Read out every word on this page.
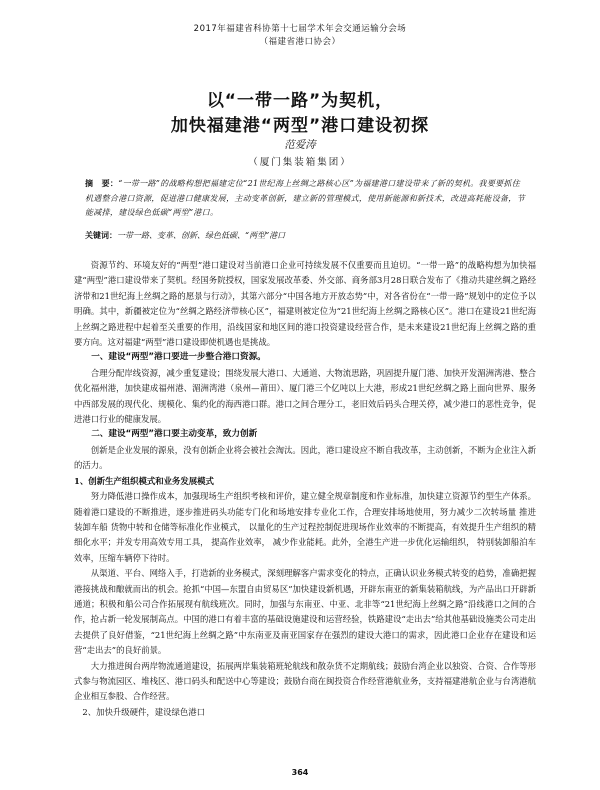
2017年福建省科协第十七届学术年会交通运输分会场
（福建省港口协会）
以“一带一路”为契机，
加快福建港“两型”港口建设初探
范爱涛
（厦门集装箱集团）
摘　要：“一带一路”的战略构想把福建定位“21世纪海上丝绸之路核心区”为福建港口建设带来了新的契机。我要要抓住机遇整合港口资源，促进港口健康发展，主动变革创新，建立新的管理模式，使用新能源和新技术，改进高耗能设备，节能减排，建设绿色低碳“两型”港口。
关键词：一带一路、变革、创新、绿色低碳、“两型”港口

资源节约、环境友好的“两型”港口建设对当前港口企业可持续发展不仅重要而且迫切。“一带一路”的战略构想为加快福建“两型”港口建设带来了契机。经国务院授权，国家发展改革委、外交部、商务部3月28日联合发布了《推动共建丝绸之路经济带和21世纪海上丝绸之路的愿景与行动》，其第六部分“中国各地方开放态势”中，对各省份在“一带一路”规划中的定位予以明确。其中，新疆被定位为“丝绸之路经济带核心区”，福建则被定位为“21世纪海上丝绸之路核心区”。港口在建设21世纪海上丝绸之路进程中起着至关重要的作用，沿线国家和地区间的港口投资建设经营合作，是未来建设21世纪海上丝绸之路的重要方向。这对福建“两型”港口建设即使机遇也是挑战。

一、建设“两型”港口要进一步整合港口资源。

合理分配岸线资源，减少重复建设；围绕发展大港口、大通道、大物流思路，巩固提升厦门港、加快开发湄洲湾港、整合优化福州港，加快建成福州港、湄洲湾港（泉州—莆田）、厦门港三个亿吨以上大港，形成21世纪丝绸之路上面向世界、服务中西部发展的现代化、规模化、集约化的海西港口群。港口之间合理分工，老旧效后码头合理关停，减少港口的恶性竞争，促进港口行业的健康发展。

二、建设“两型”港口要主动变革，致力创新

创新是企业发展的源泉，没有创新企业将会被社会淘汰。因此，港口建设应不断自我改革，主动创新，不断为企业注入新的活力。

1、创新生产组织模式和业务发展模式

努力降低港口操作成本，加强现场生产组织考核和评价，建立健全规章制度和作业标准，加快建立资源节约型生产体系。随着港口建设的不断推进，逐步推进码头功能专门化和场地安排专业化工作，合理安排场地使用，努力减少二次转场量 推进装卸车船 货物中转和仓储等标准化作业模式， 以量化的生产过程控制促进现场作业效率的不断提高，有效提升生产组织的精细化水平；并发专用高效专用工具， 提高作业效率， 减少作业能耗。此外，全港生产进一步优化运输组织， 特别装卸船泊车效率，压缩车辆停下待时。

从渠道、平台、网络入手，打造新的业务模式，深刻理解客户需求变化的特点，正确认识业务模式转变的趋势，准确把握港接挑战和酿就而出的机会。抢抓“中国—东盟自由贸易区”加快建设新机遇，开辟东南亚的新集装箱航线，为产品出口开辟新通道；积极和船公司合作拓展现有航线班次。同时，加强与东南亚、中亚、北非等“21世纪海上丝绸之路”沿线港口之间的合作，抢占新一轮发展制高点。中国的港口有着丰富的基础设施建设和运营经验，铁路建设“走出去”给其他基础设施类公司走出去提供了良好借鉴，“21世纪海上丝绸之路”中东南亚及南亚国家存在强烈的建设大港口的需求，因此港口企业存在建设和运营“走出去”的良好前景。

大力推进闽台两岸物流通道建设，拓展两岸集装箱班轮航线和散杂货不定期航线；鼓励台湾企业以独资、合资、合作等形式参与物流园区、堆栈区、港口码头和配送中心等建设；鼓励台商在闽投资合作经营港航业务，支持福建港航企业与台湾港航企业相互参股、合作经营。

2、加快升级硬件，建设绿色港口

364
